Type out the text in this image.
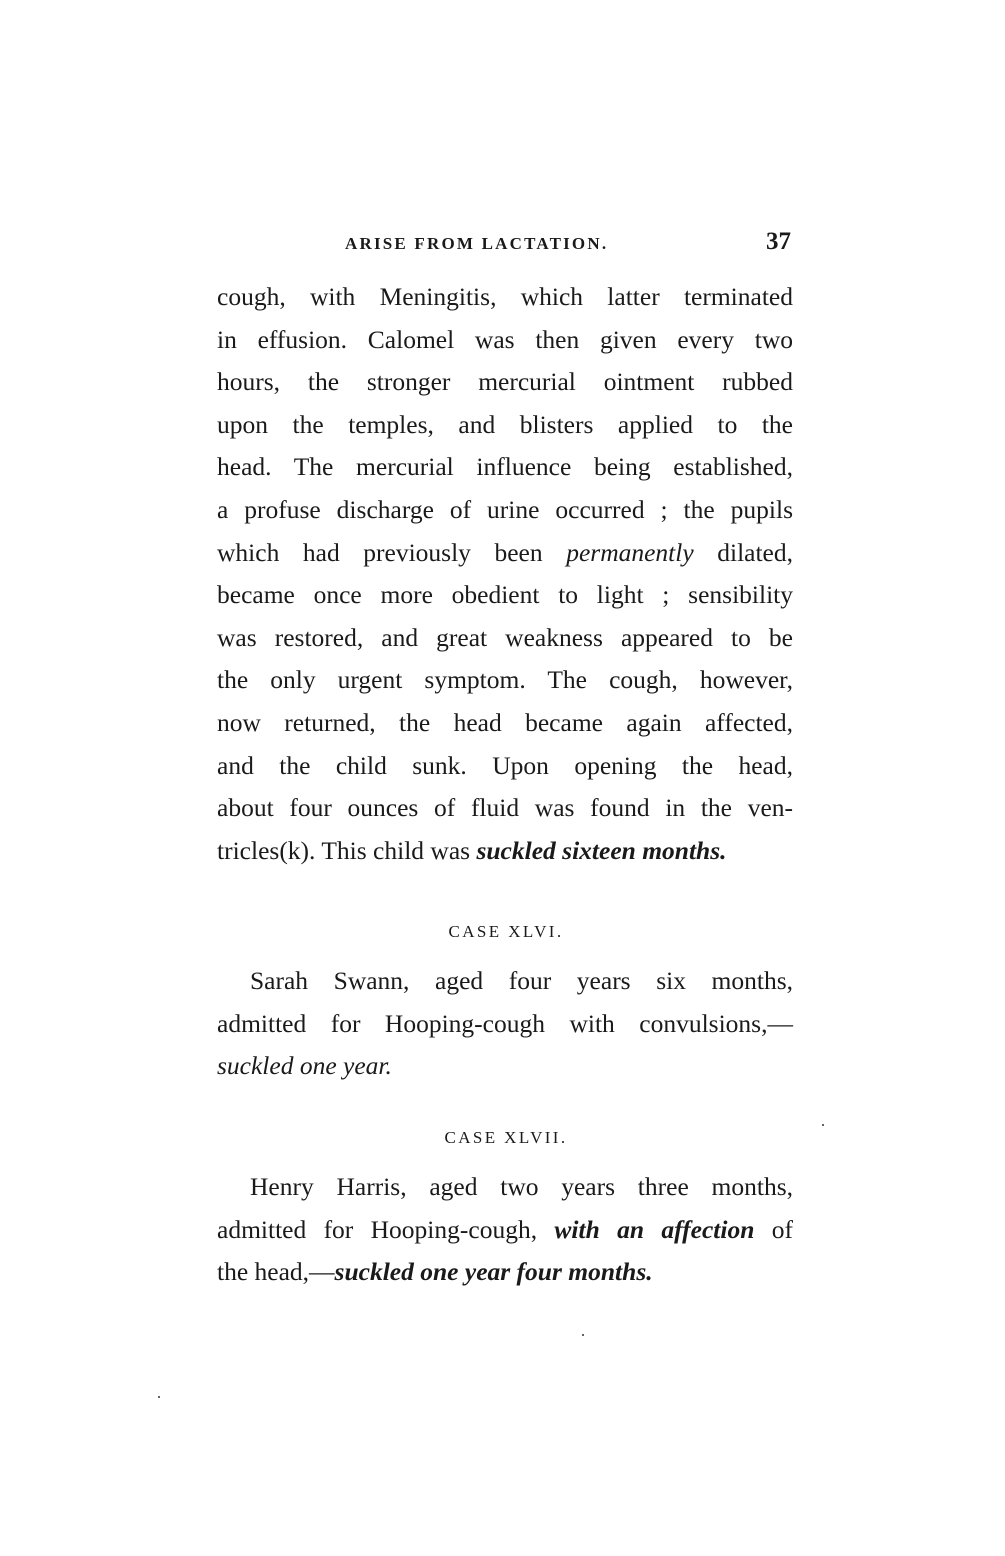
ARISE FROM LACTATION.	37
cough, with Meningitis, which latter terminated
in effusion. Calomel was then given every two
hours, the stronger mercurial ointment rubbed
upon the temples, and blisters applied to the
head. The mercurial influence being established,
a profuse discharge of urine occurred ; the pupils
which had previously been permanently dilated,
became once more obedient to light ; sensibility
was restored, and great weakness appeared to be
the only urgent symptom. The cough, however,
now returned, the head became again affected,
and the child sunk. Upon opening the head,
about four ounces of fluid was found in the ven-
tricles(k). This child was suckled sixteen months.
CASE XLVI.
Sarah Swann, aged four years six months,
admitted for Hooping-cough with convulsions,—
suckled one year.
CASE XLVII.
Henry Harris, aged two years three months,
admitted for Hooping-cough, with an affection of
the head,—suckled one year four months.
